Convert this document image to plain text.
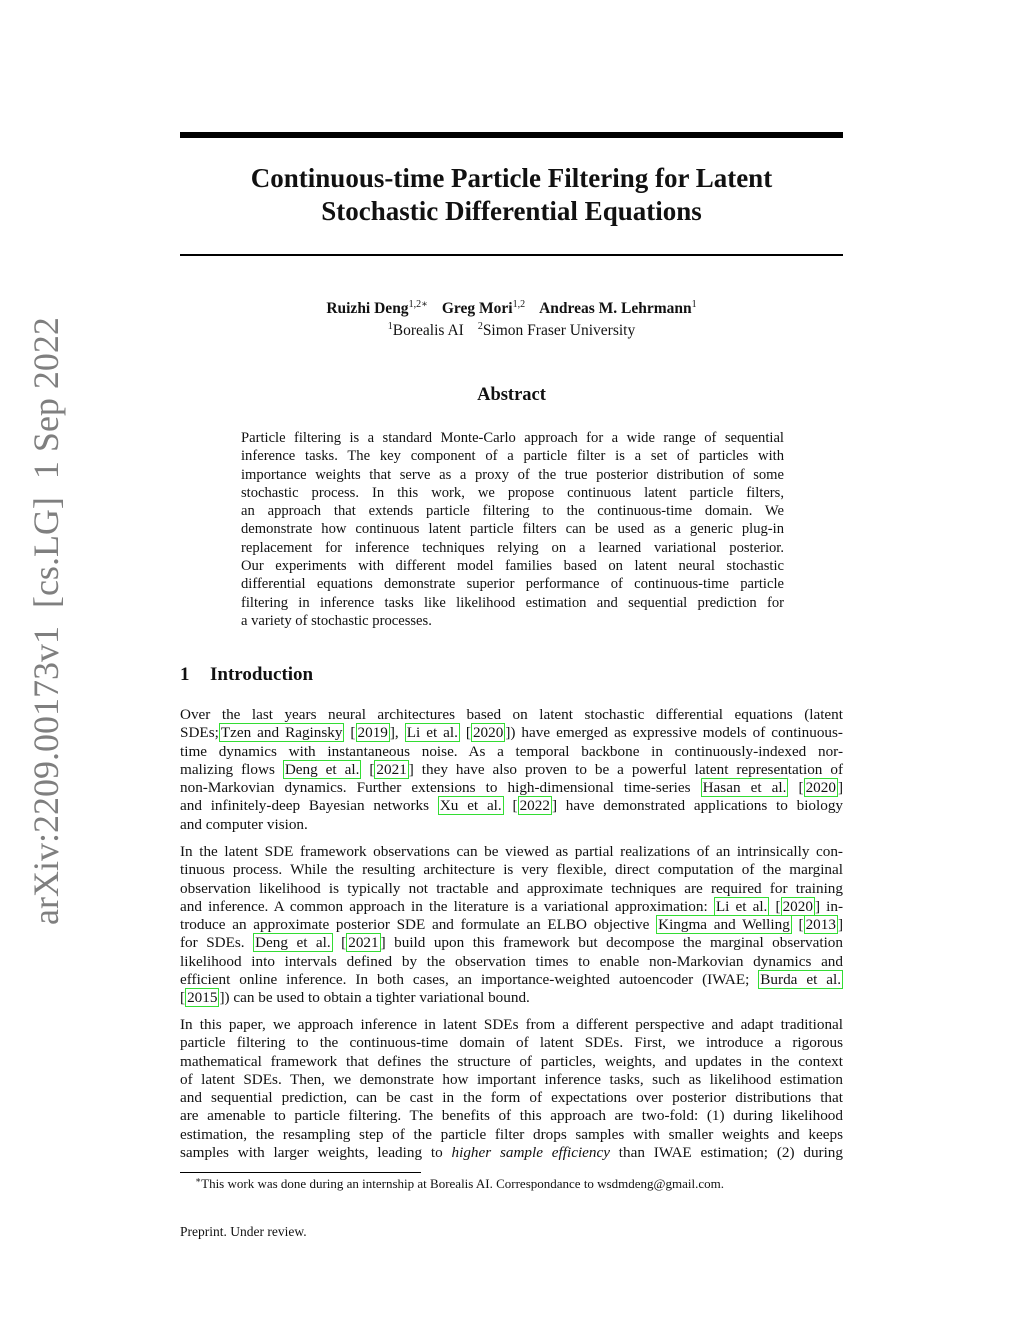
arXiv:2209.00173v1[cs.LG]1 Sep 2022
Continuous-time Particle Filtering for Latent
Stochastic Differential Equations
Ruizhi Deng$^{1,2∗}$ Greg Mori$^{1,2}$ Andreas M. Lehrmann$^1$
$^1$Borealis AI $^2$Simon Fraser University
Abstract
Particle filtering is a standard Monte-Carlo approach for a wide range of sequential
inference tasks. The key component of a particle filter is a set of particles with
importance weights that serve as a proxy of the true posterior distribution of some
stochastic process. In this work, we propose continuous latent particle filters,
an approach that extends particle filtering to the continuous-time domain. We
demonstrate how continuous latent particle filters can be used as a generic plug-in
replacement for inference techniques relying on a learned variational posterior.
Our experiments with different model families based on latent neural stochastic
differential equations demonstrate superior performance of continuous-time particle
filtering in inference tasks like likelihood estimation and sequential prediction for
a variety of stochastic processes.
1 Introduction
Over the last years neural architectures based on latent stochastic differential equations (latent
SDEs; Tzen and Raginsky [ 2019 ], Li et al. [ 2020 ]) have emerged as expressive models of continuous-
time dynamics with instantaneous noise. As a temporal backbone in continuously-indexed nor-
malizing flows Deng et al. [ 2021 ] they have also proven to be a powerful latent representation of
non-Markovian dynamics. Further extensions to high-dimensional time-series Hasan et al. [ 2020 ]
and infinitely-deep Bayesian networks Xu et al. [ 2022 ] have demonstrated applications to biology
and computer vision.
In the latent SDE framework observations can be viewed as partial realizations of an intrinsically con-
tinuous process. While the resulting architecture is very flexible, direct computation of the marginal
observation likelihood is typically not tractable and approximate techniques are required for training
and inference. A common approach in the literature is a variational approximation: Li et al. [ 2020 ] in-
troduce an approximate posterior SDE and formulate an ELBO objective Kingma and Welling [ 2013 ]
for SDEs. Deng et al. [ 2021 ] build upon this framework but decompose the marginal observation
likelihood into intervals defined by the observation times to enable non-Markovian dynamics and
efficient online inference. In both cases, an importance-weighted autoencoder (IWAE; Burda et al.
[ 2015 ]) can be used to obtain a tighter variational bound.
In this paper, we approach inference in latent SDEs from a different perspective and adapt traditional
particle filtering to the continuous-time domain of latent SDEs. First, we introduce a rigorous
mathematical framework that defines the structure of particles, weights, and updates in the context
of latent SDEs. Then, we demonstrate how important inference tasks, such as likelihood estimation
and sequential prediction, can be cast in the form of expectations over posterior distributions that
are amenable to particle filtering. The benefits of this approach are two-fold: (1) during likelihood
estimation, the resampling step of the particle filter drops samples with smaller weights and keeps
samples with larger weights, leading to higher sample efficiency than IWAE estimation; (2) during

∗This work was done during an internship at Borealis AI. Correspondance to wsdmdeng@gmail.com.

Preprint. Under review.
